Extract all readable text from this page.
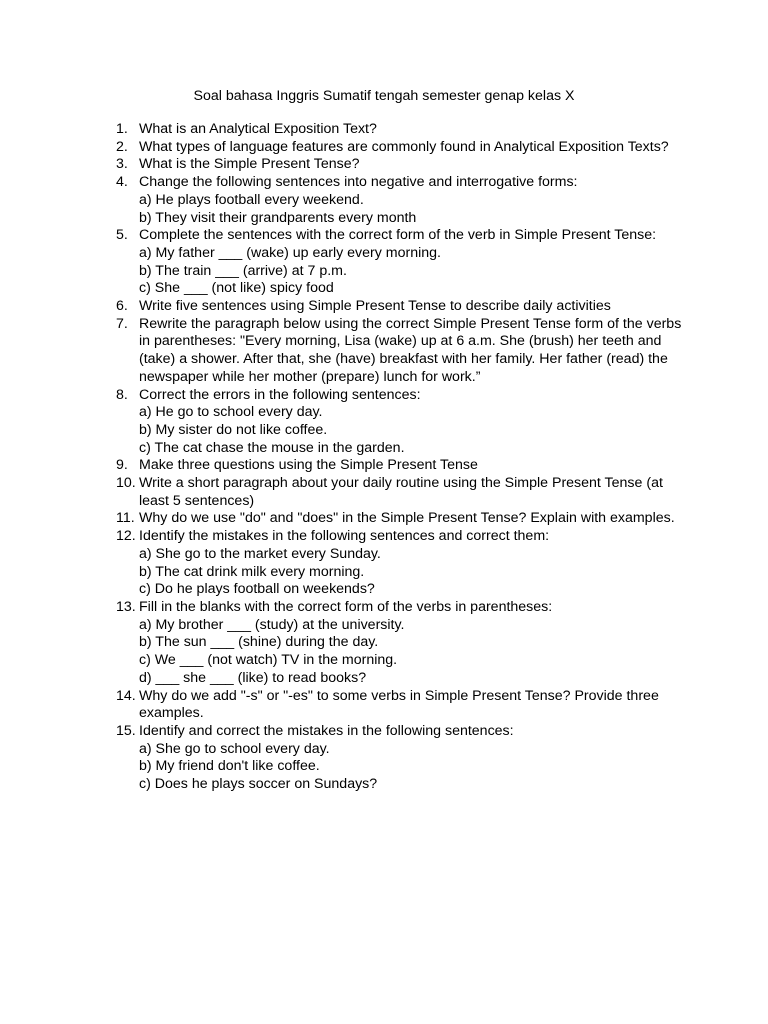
Soal bahasa Inggris Sumatif tengah semester genap kelas X
1. What is an Analytical Exposition Text?
2. What types of language features are commonly found in Analytical Exposition Texts?
3. What is the Simple Present Tense?
4. Change the following sentences into negative and interrogative forms:
a) He plays football every weekend.
b) They visit their grandparents every month
5. Complete the sentences with the correct form of the verb in Simple Present Tense:
a) My father ___ (wake) up early every morning.
b) The train ___ (arrive) at 7 p.m.
c) She ___ (not like) spicy food
6. Write five sentences using Simple Present Tense to describe daily activities
7. Rewrite the paragraph below using the correct Simple Present Tense form of the verbs in parentheses: "Every morning, Lisa (wake) up at 6 a.m. She (brush) her teeth and (take) a shower. After that, she (have) breakfast with her family. Her father (read) the newspaper while her mother (prepare) lunch for work.”
8. Correct the errors in the following sentences:
a) He go to school every day.
b) My sister do not like coffee.
c) The cat chase the mouse in the garden.
9. Make three questions using the Simple Present Tense
10. Write a short paragraph about your daily routine using the Simple Present Tense (at least 5 sentences)
11. Why do we use "do" and "does" in the Simple Present Tense? Explain with examples.
12. Identify the mistakes in the following sentences and correct them:
a) She go to the market every Sunday.
b) The cat drink milk every morning.
c) Do he plays football on weekends?
13. Fill in the blanks with the correct form of the verbs in parentheses:
a) My brother ___ (study) at the university.
b) The sun ___ (shine) during the day.
c) We ___ (not watch) TV in the morning.
d) ___ she ___ (like) to read books?
14. Why do we add "-s" or "-es" to some verbs in Simple Present Tense? Provide three examples.
15. Identify and correct the mistakes in the following sentences:
a) She go to school every day.
b) My friend don't like coffee.
c) Does he plays soccer on Sundays?
